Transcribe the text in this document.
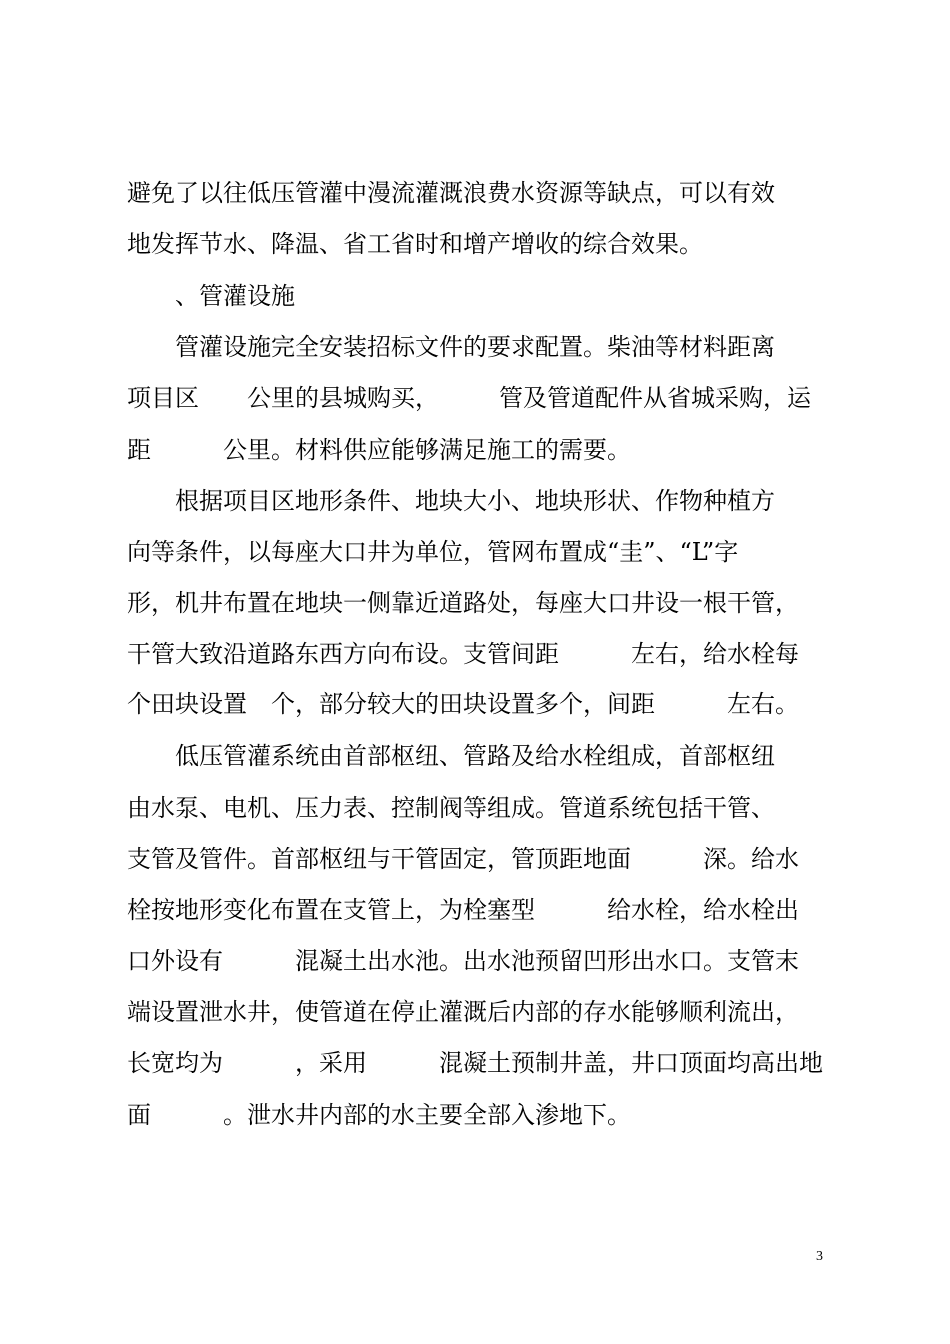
避免了以往低压管灌中漫流灌溉浪费水资源等缺点，可以有效

地发挥节水、降温、省工省时和增产增收的综合效果。

　　、管灌设施

　　管灌设施完全安装招标文件的要求配置。柴油等材料距离

项目区　　公里的县城购买，　　　管及管道配件从省城采购，运

距　　　公里。材料供应能够满足施工的需要。

　　根据项目区地形条件、地块大小、地块形状、作物种植方

向等条件，以每座大口井为单位，管网布置成“圭”、“L”字

形，机井布置在地块一侧靠近道路处，每座大口井设一根干管，

干管大致沿道路东西方向布设。支管间距　　　左右，给水栓每

个田块设置　个，部分较大的田块设置多个，间距　　　左右。

　　低压管灌系统由首部枢纽、管路及给水栓组成，首部枢纽

由水泵、电机、压力表、控制阀等组成。管道系统包括干管、

支管及管件。首部枢纽与干管固定，管顶距地面　　　深。给水

栓按地形变化布置在支管上，为栓塞型　　　给水栓，给水栓出

口外设有　　　混凝土出水池。出水池预留凹形出水口。支管末

端设置泄水井，使管道在停止灌溉后内部的存水能够顺利流出，

长宽均为　　　，采用　　　混凝土预制井盖，井口顶面均高出地

面　　　。泄水井内部的水主要全部入渗地下。

3
